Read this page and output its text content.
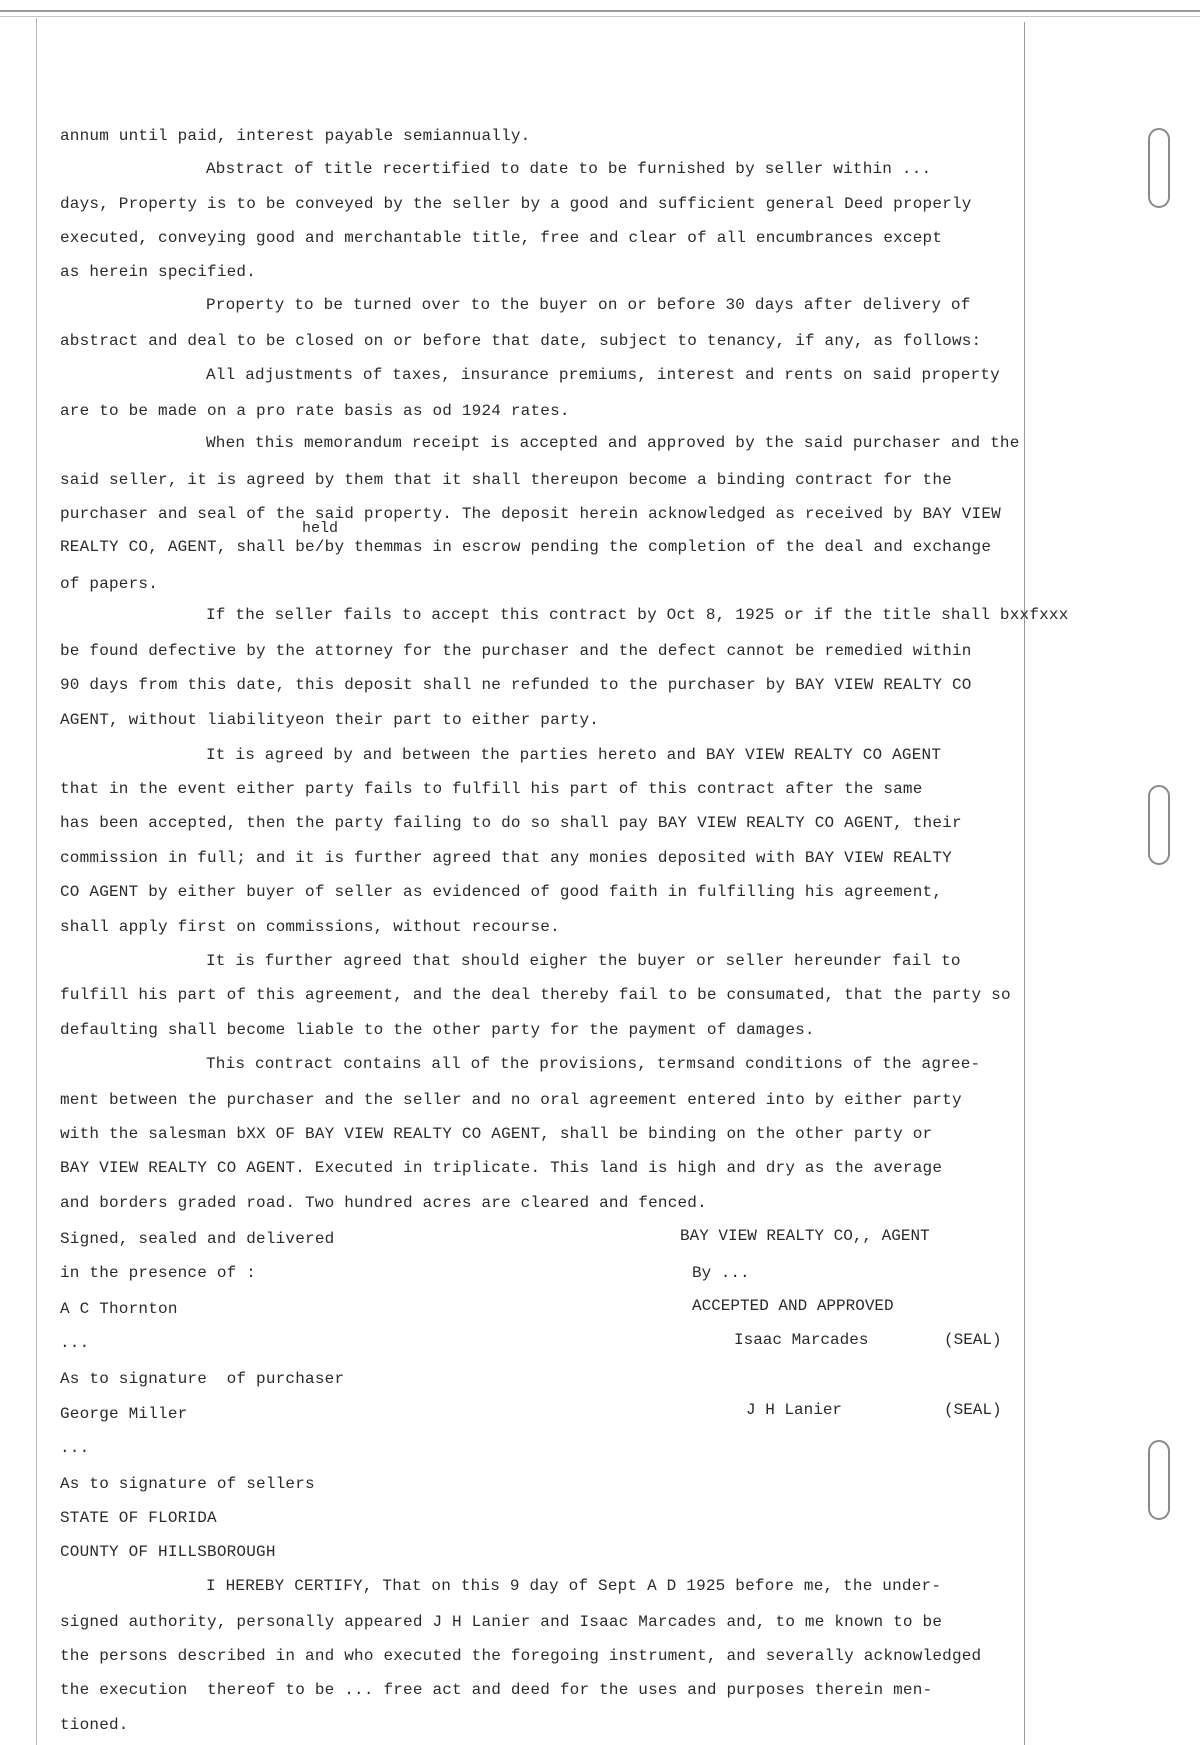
annum until paid, interest payable semiannually.
Abstract of title recertified to date to be furnished by seller within ...
days, Property is to be conveyed by the seller by a good and sufficient general Deed properly
executed, conveying good and merchantable title, free and clear of all encumbrances except
as herein specified.
Property to be turned over to the buyer on or before 30 days after delivery of
abstract and deal to be closed on or before that date, subject to tenancy, if any, as follows:
All adjustments of taxes, insurance premiums, interest and rents on said property
are to be made on a pro rate basis as od 1924 rates.
When this memorandum receipt is accepted and approved by the said purchaser and the
said seller, it is agreed by them that it shall thereupon become a binding contract for the
purchaser and seal of the said property. The deposit herein acknowledged as received by BAY VIEW
held
REALTY CO, AGENT, shall be/by themmas in escrow pending the completion of the deal and exchange
of papers.
If the seller fails to accept this contract by Oct 8, 1925 or if the title shall bxxfxxx
be found defective by the attorney for the purchaser and the defect cannot be remedied within
90 days from this date, this deposit shall ne refunded to the purchaser by BAY VIEW REALTY CO
AGENT, without liabilityeon their part to either party.
It is agreed by and between the parties hereto and BAY VIEW REALTY CO AGENT
that in the event either party fails to fulfill his part of this contract after the same
has been accepted, then the party failing to do so shall pay BAY VIEW REALTY CO AGENT, their
commission in full; and it is further agreed that any monies deposited with BAY VIEW REALTY
CO AGENT by either buyer of seller as evidenced of good faith in fulfilling his agreement,
shall apply first on commissions, without recourse.
It is further agreed that should eigher the buyer or seller hereunder fail to
fulfill his part of this agreement, and the deal thereby fail to be consumated, that the party so
defaulting shall become liable to the other party for the payment of damages.
This contract contains all of the provisions, termsand conditions of the agree-
ment between the purchaser and the seller and no oral agreement entered into by either party
with the salesman bXX OF BAY VIEW REALTY CO AGENT, shall be binding on the other party or
BAY VIEW REALTY CO AGENT. Executed in triplicate. This land is high and dry as the average
and borders graded road. Two hundred acres are cleared and fenced.
Signed, sealed and delivered
in the presence of :
A C Thornton
...
As to signature  of purchaser
George Miller
...
As to signature of sellers
STATE OF FLORIDA
COUNTY OF HILLSBOROUGH
I HEREBY CERTIFY, That on this 9 day of Sept A D 1925 before me, the under-
signed authority, personally appeared J H Lanier and Isaac Marcades and, to me known to be
the persons described in and who executed the foregoing instrument, and severally acknowledged
the execution  thereof to be ... free act and deed for the uses and purposes therein men-
tioned.
BAY VIEW REALTY CO,, AGENT
By ...
ACCEPTED AND APPROVED
Isaac Marcades	(SEAL)
J H Lanier	(SEAL)
